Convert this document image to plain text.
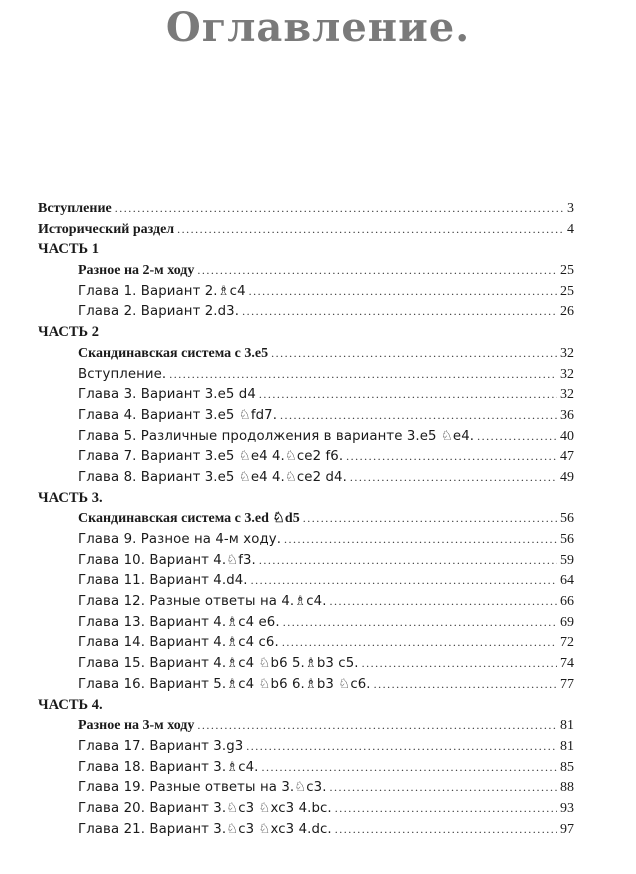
Оглавление.
Вступление .....	3
Исторический раздел .....	4
ЧАСТЬ 1
Разное на 2-м ходу .....	25
Глава 1. Вариант 2.♗c4 .....	25
Глава 2. Вариант 2.d3. .....	26
ЧАСТЬ 2
Скандинавская система с 3.e5 .....	32
Вступление. .....	32
Глава 3. Вариант 3.e5 d4 .....	32
Глава 4. Вариант 3.e5 ♘fd7. .....	36
Глава 5. Различные продолжения в варианте 3.e5 ♘e4. .....	40
Глава 7. Вариант 3.e5 ♘e4 4.♘ce2 f6. .....	47
Глава 8. Вариант 3.e5 ♘e4 4.♘ce2 d4. .....	49
ЧАСТЬ 3.
Скандинавская система с 3.ed ♘d5 .....	56
Глава 9. Разное на 4-м ходу. .....	56
Глава 10. Вариант 4.♘f3. .....	59
Глава 11. Вариант 4.d4. .....	64
Глава 12. Разные ответы на 4.♗c4. .....	66
Глава 13. Вариант 4.♗c4 e6. .....	69
Глава 14. Вариант 4.♗c4 c6. .....	72
Глава 15. Вариант 4.♗c4 ♘b6 5.♗b3 c5. .....	74
Глава 16. Вариант 5.♗c4 ♘b6 6.♗b3 ♘c6. .....	77
ЧАСТЬ 4.
Разное на 3-м ходу .....	81
Глава 17. Вариант 3.g3 .....	81
Глава 18. Вариант 3.♗c4. .....	85
Глава 19. Разные ответы на 3.♘c3. .....	88
Глава 20. Вариант 3.♘c3 ♘xc3 4.bc. .....	93
Глава 21. Вариант 3.♘c3 ♘xc3 4.dc. .....	97
